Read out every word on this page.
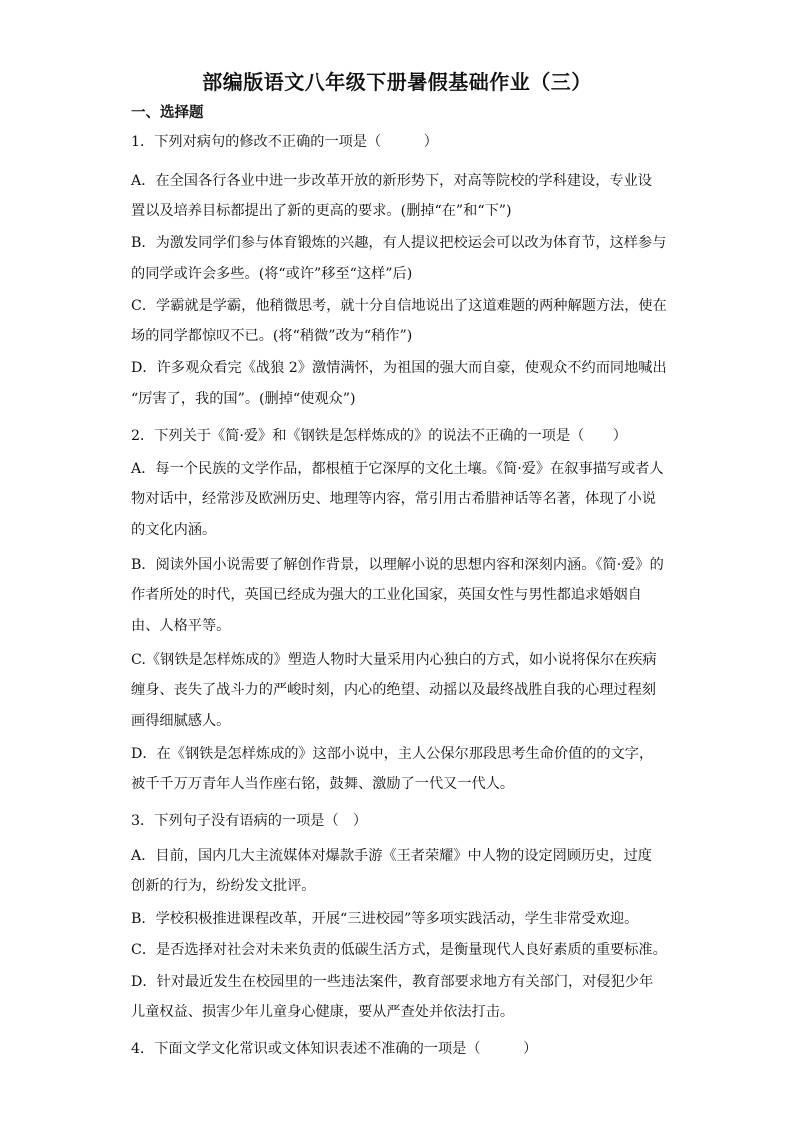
部编版语文八年级下册暑假基础作业（三）
一、选择题
1．下列对病句的修改不正确的一项是（　　　）
A．在全国各行各业中进一步改革开放的新形势下，对高等院校的学科建设，专业设
置以及培养目标都提出了新的更高的要求。(删掉“在”和“下”)
B．为激发同学们参与体育锻炼的兴趣，有人提议把校运会可以改为体育节，这样参与
的同学或许会多些。(将“或许”移至“这样”后)
C．学霸就是学霸，他稍微思考，就十分自信地说出了这道难题的两种解题方法，使在
场的同学都惊叹不已。(将“稍微”改为“稍作”)
D．许多观众看完《战狼 2》激情满怀，为祖国的强大而自豪，使观众不约而同地喊出
“厉害了，我的国”。(删掉“使观众”)
2．下列关于《简·爱》和《钢铁是怎样炼成的》的说法不正确的一项是（　　）
A．每一个民族的文学作品，都根植于它深厚的文化土壤。《简·爱》在叙事描写或者人
物对话中，经常涉及欧洲历史、地理等内容，常引用古希腊神话等名著，体现了小说
的文化内涵。
B．阅读外国小说需要了解创作背景，以理解小说的思想内容和深刻内涵。《简·爱》的
作者所处的时代，英国已经成为强大的工业化国家，英国女性与男性都追求婚姻自
由、人格平等。
C.《钢铁是怎样炼成的》塑造人物时大量采用内心独白的方式，如小说将保尔在疾病
缠身、丧失了战斗力的严峻时刻，内心的绝望、动摇以及最终战胜自我的心理过程刻
画得细腻感人。
D．在《钢铁是怎样炼成的》这部小说中，主人公保尔那段思考生命价值的的文字，
被千千万万青年人当作座右铭，鼓舞、激励了一代又一代人。
3．下列句子没有语病的一项是（　）
A．目前，国内几大主流媒体对爆款手游《王者荣耀》中人物的设定罔顾历史，过度
创新的行为，纷纷发文批评。
B．学校积极推进课程改革，开展“三进校园”等多项实践活动，学生非常受欢迎。
C．是否选择对社会对未来负责的低碳生活方式，是衡量现代人良好素质的重要标准。
D．针对最近发生在校园里的一些违法案件，教育部要求地方有关部门，对侵犯少年
儿童权益、损害少年儿童身心健康，要从严查处并依法打击。
4．下面文学文化常识或文体知识表述不准确的一项是（　　　）
